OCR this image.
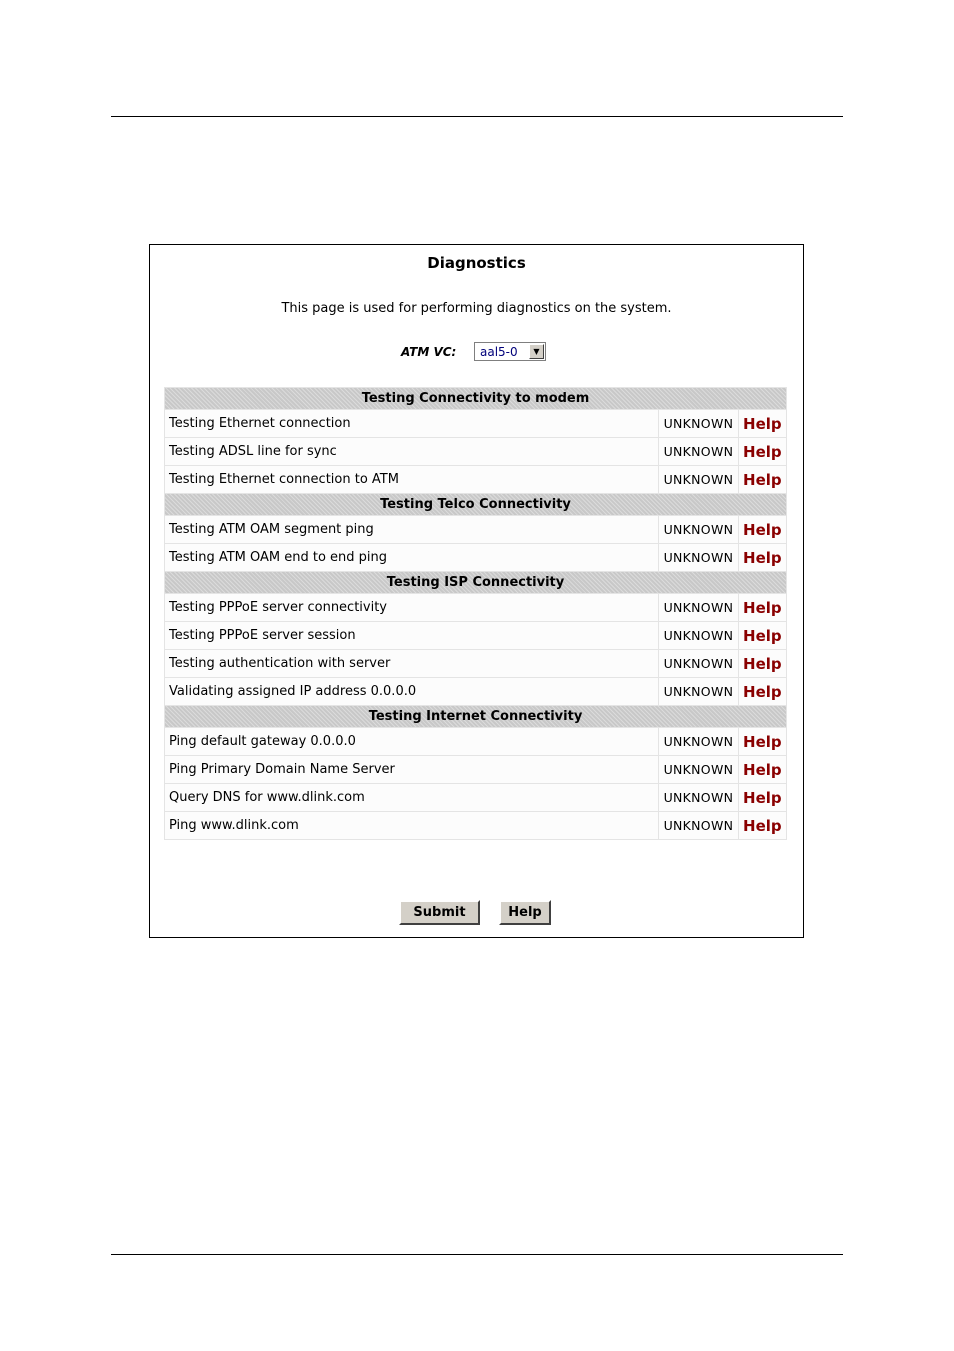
Diagnostics
This page is used for performing diagnostics on the system.
ATM VC: aal5-0	▼
Testing Connectivity to modem		
Testing Ethernet connection	UNKNOWN	Help
Testing ADSL line for sync	UNKNOWN	Help
Testing Ethernet connection to ATM	UNKNOWN	Help
Testing Telco Connectivity		
Testing ATM OAM segment ping	UNKNOWN	Help
Testing ATM OAM end to end ping	UNKNOWN	Help
Testing ISP Connectivity		
Testing PPPoE server connectivity	UNKNOWN	Help
Testing PPPoE server session	UNKNOWN	Help
Testing authentication with server	UNKNOWN	Help
Validating assigned IP address 0.0.0.0	UNKNOWN	Help
Testing Internet Connectivity		
Ping default gateway 0.0.0.0	UNKNOWN	Help
Ping Primary Domain Name Server	UNKNOWN	Help
Query DNS for www.dlink.com	UNKNOWN	Help
Ping www.dlink.com	UNKNOWN	Help
Submit	Help
